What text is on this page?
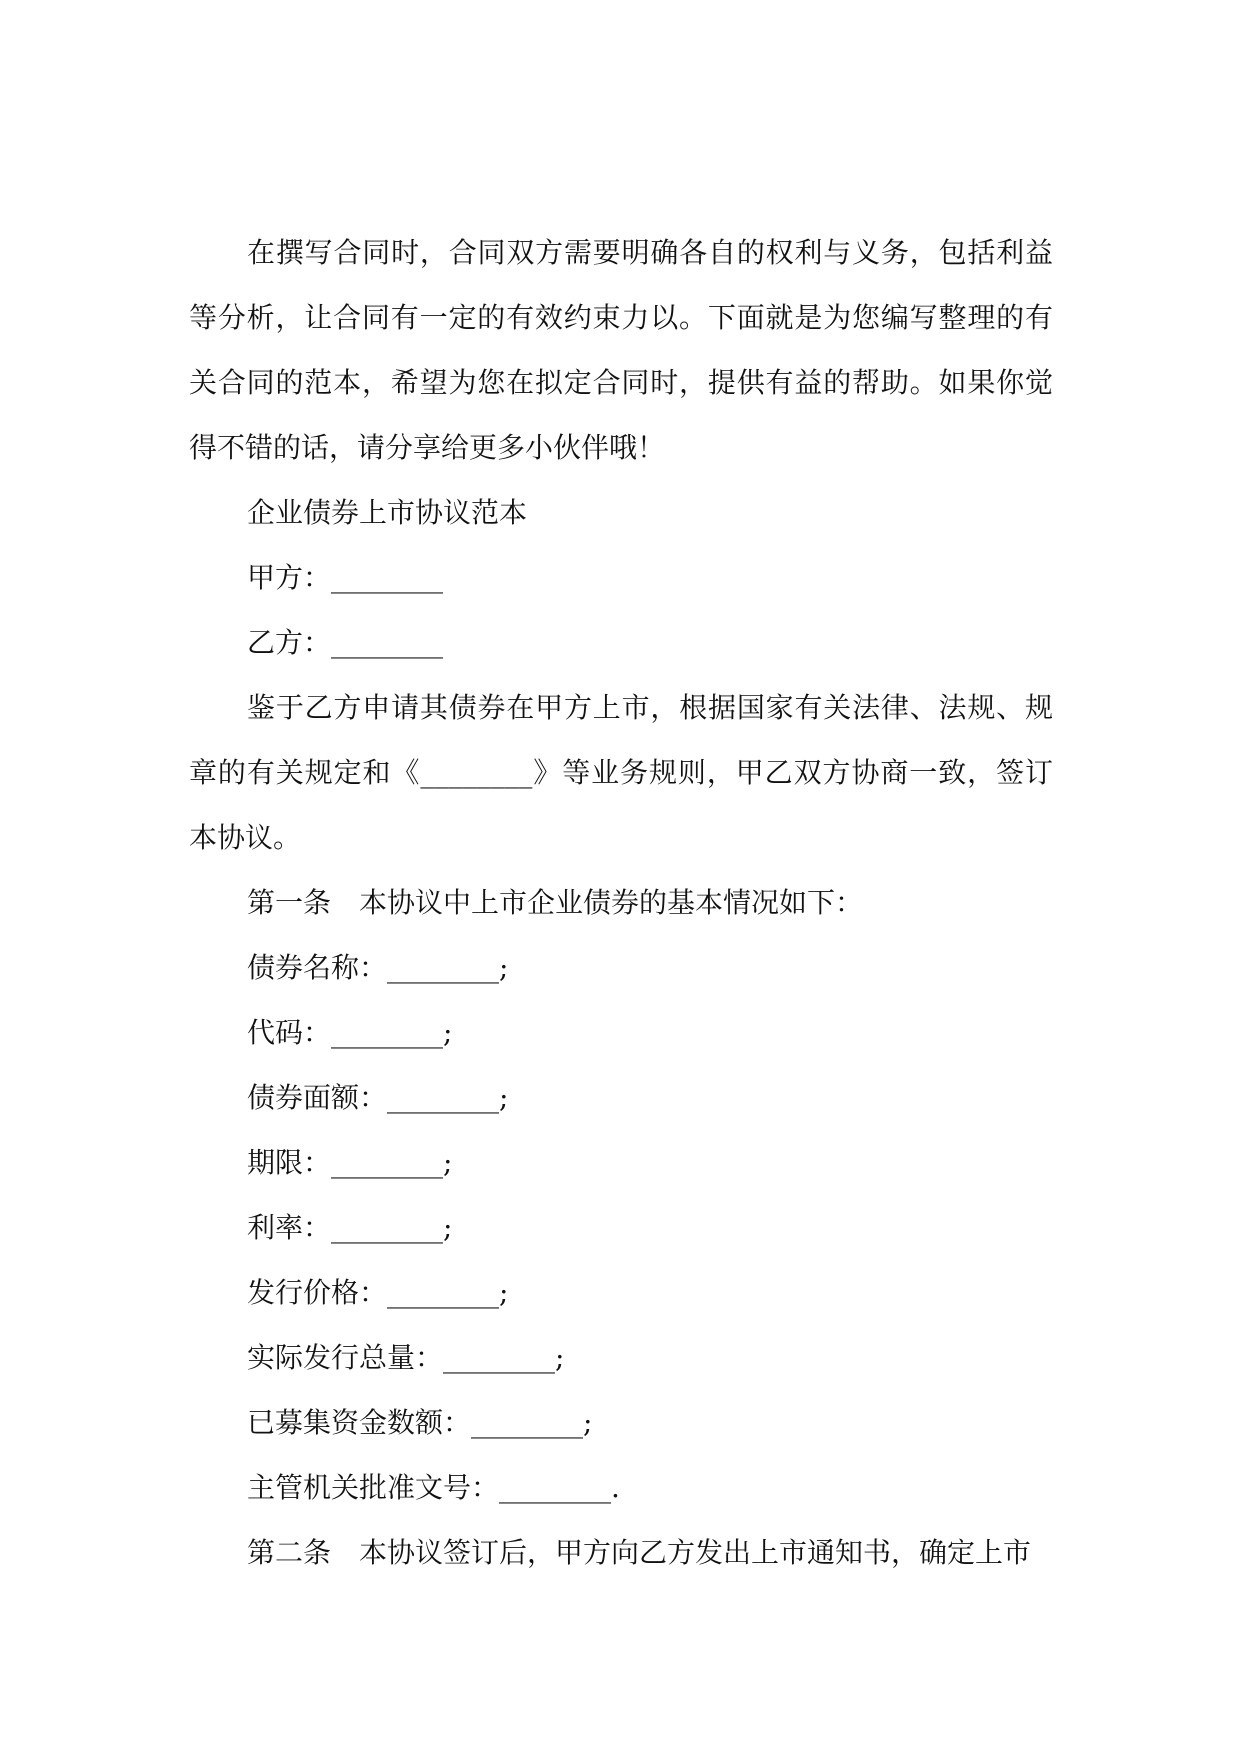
在撰写合同时，合同双方需要明确各自的权利与义务，包括利益等分析，让合同有一定的有效约束力以。下面就是为您编写整理的有关合同的范本，希望为您在拟定合同时，提供有益的帮助。如果你觉得不错的话，请分享给更多小伙伴哦！

企业债券上市协议范本
甲方：________
乙方：________

鉴于乙方申请其债券在甲方上市，根据国家有关法律、法规、规章的有关规定和《________》等业务规则，甲乙双方协商一致，签订本协议。

第一条　本协议中上市企业债券的基本情况如下：
债券名称：________;
代码：________;
债券面额：________;
期限：________;
利率：________;
发行价格：________;
实际发行总量：________;
已募集资金数额：________;
主管机关批准文号：________.
第二条　本协议签订后，甲方向乙方发出上市通知书，确定上市
